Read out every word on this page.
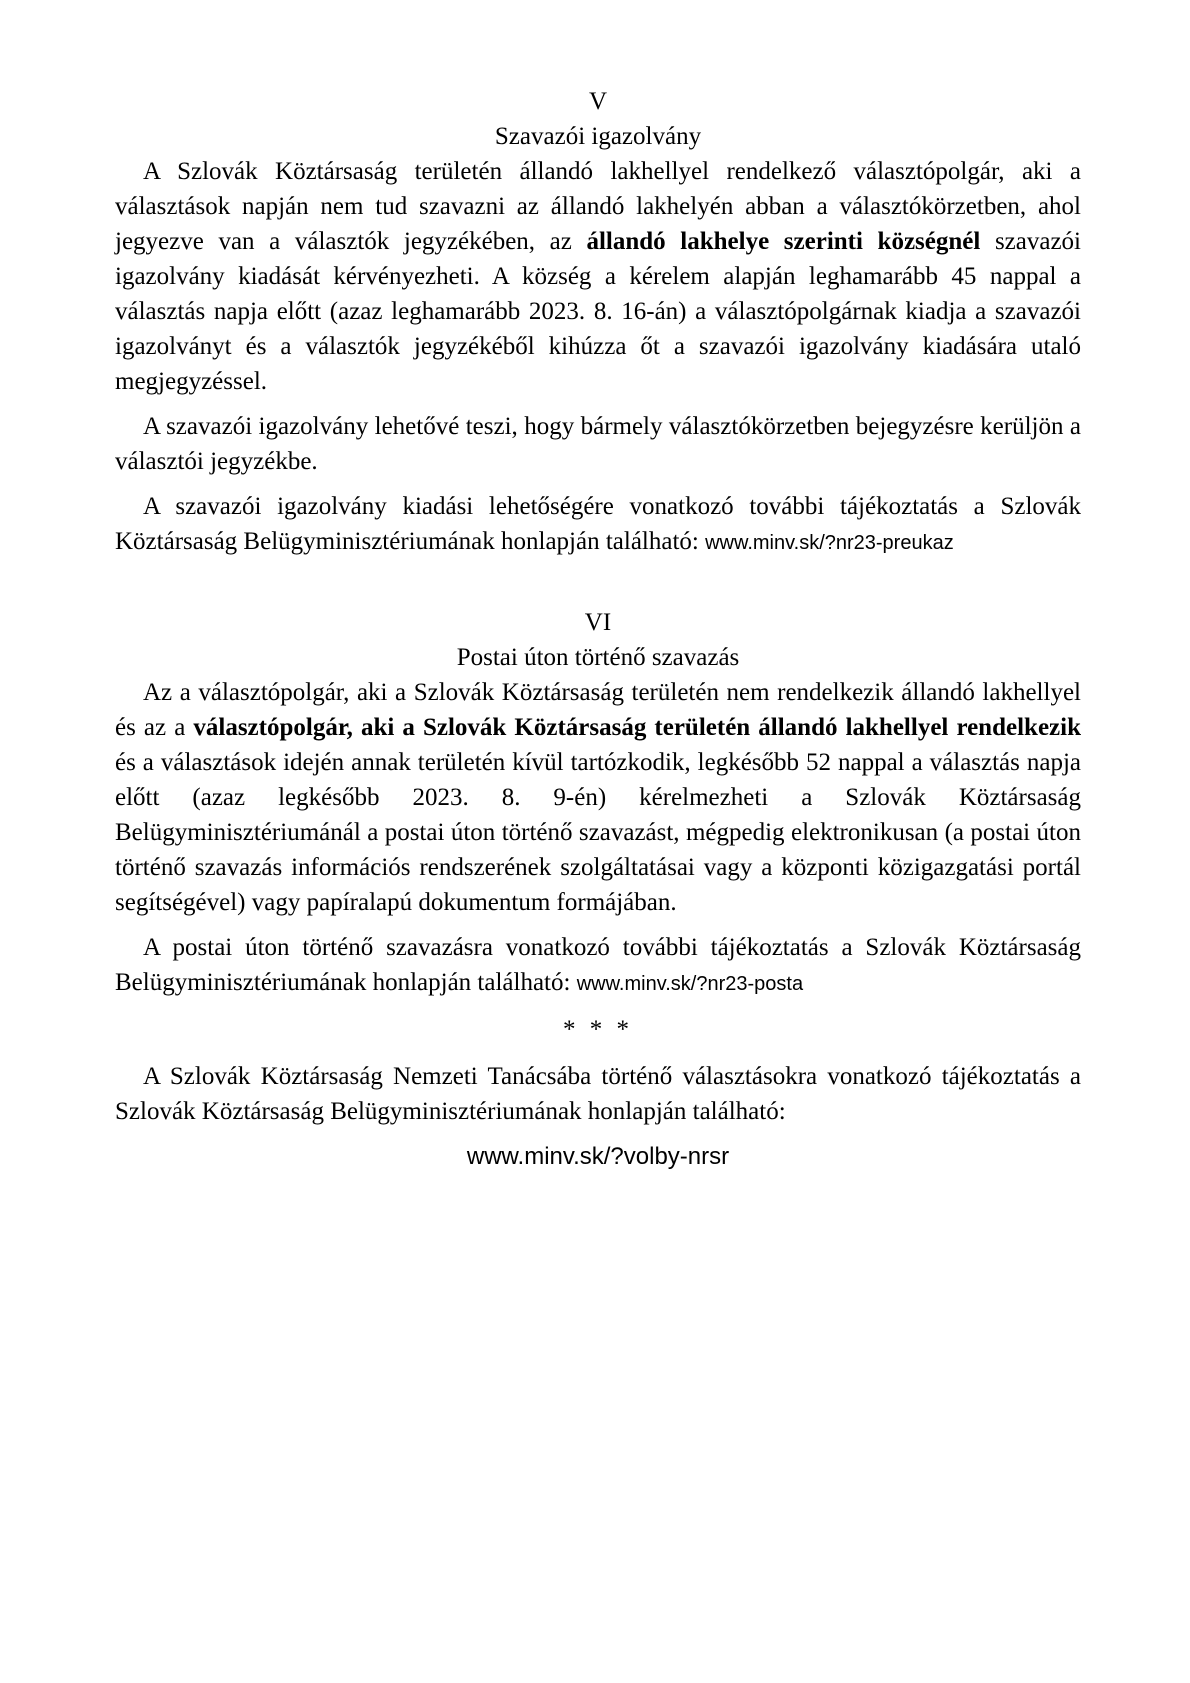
V
Szavazói igazolvány

A Szlovák Köztársaság területén állandó lakhellyel rendelkező választópolgár, aki a választások napján nem tud szavazni az állandó lakhelyén abban a választókörzetben, ahol jegyezve van a választók jegyzékében, az állandó lakhelye szerinti községnél szavazói igazolvány kiadását kérvényezheti. A község a kérelem alapján leghamarább 45 nappal a választás napja előtt (azaz leghamarább 2023. 8. 16-án) a választópolgárnak kiadja a szavazói igazolványt és a választók jegyzékéből kihúzza őt a szavazói igazolvány kiadására utaló megjegyzéssel.

A szavazói igazolvány lehetővé teszi, hogy bármely választókörzetben bejegyzésre kerüljön a választói jegyzékbe.

A szavazói igazolvány kiadási lehetőségére vonatkozó további tájékoztatás a Szlovák Köztársaság Belügyminisztériumának honlapján található: www.minv.sk/?nr23-preukaz

VI
Postai úton történő szavazás

Az a választópolgár, aki a Szlovák Köztársaság területén nem rendelkezik állandó lakhellyel és az a választópolgár, aki a Szlovák Köztársaság területén állandó lakhellyel rendelkezik és a választások idején annak területén kívül tartózkodik, legkésőbb 52 nappal a választás napja előtt (azaz legkésőbb 2023. 8. 9-én) kérelmezheti a Szlovák Köztársaság Belügyminisztériumánál a postai úton történő szavazást, mégpedig elektronikusan (a postai úton történő szavazás információs rendszerének szolgáltatásai vagy a központi közigazgatási portál segítségével) vagy papíralapú dokumentum formájában.

A postai úton történő szavazásra vonatkozó további tájékoztatás a Szlovák Köztársaság Belügyminisztériumának honlapján található: www.minv.sk/?nr23-posta

* * *

A Szlovák Köztársaság Nemzeti Tanácsába történő választásokra vonatkozó tájékoztatás a Szlovák Köztársaság Belügyminisztériumának honlapján található:

www.minv.sk/?volby-nrsr
